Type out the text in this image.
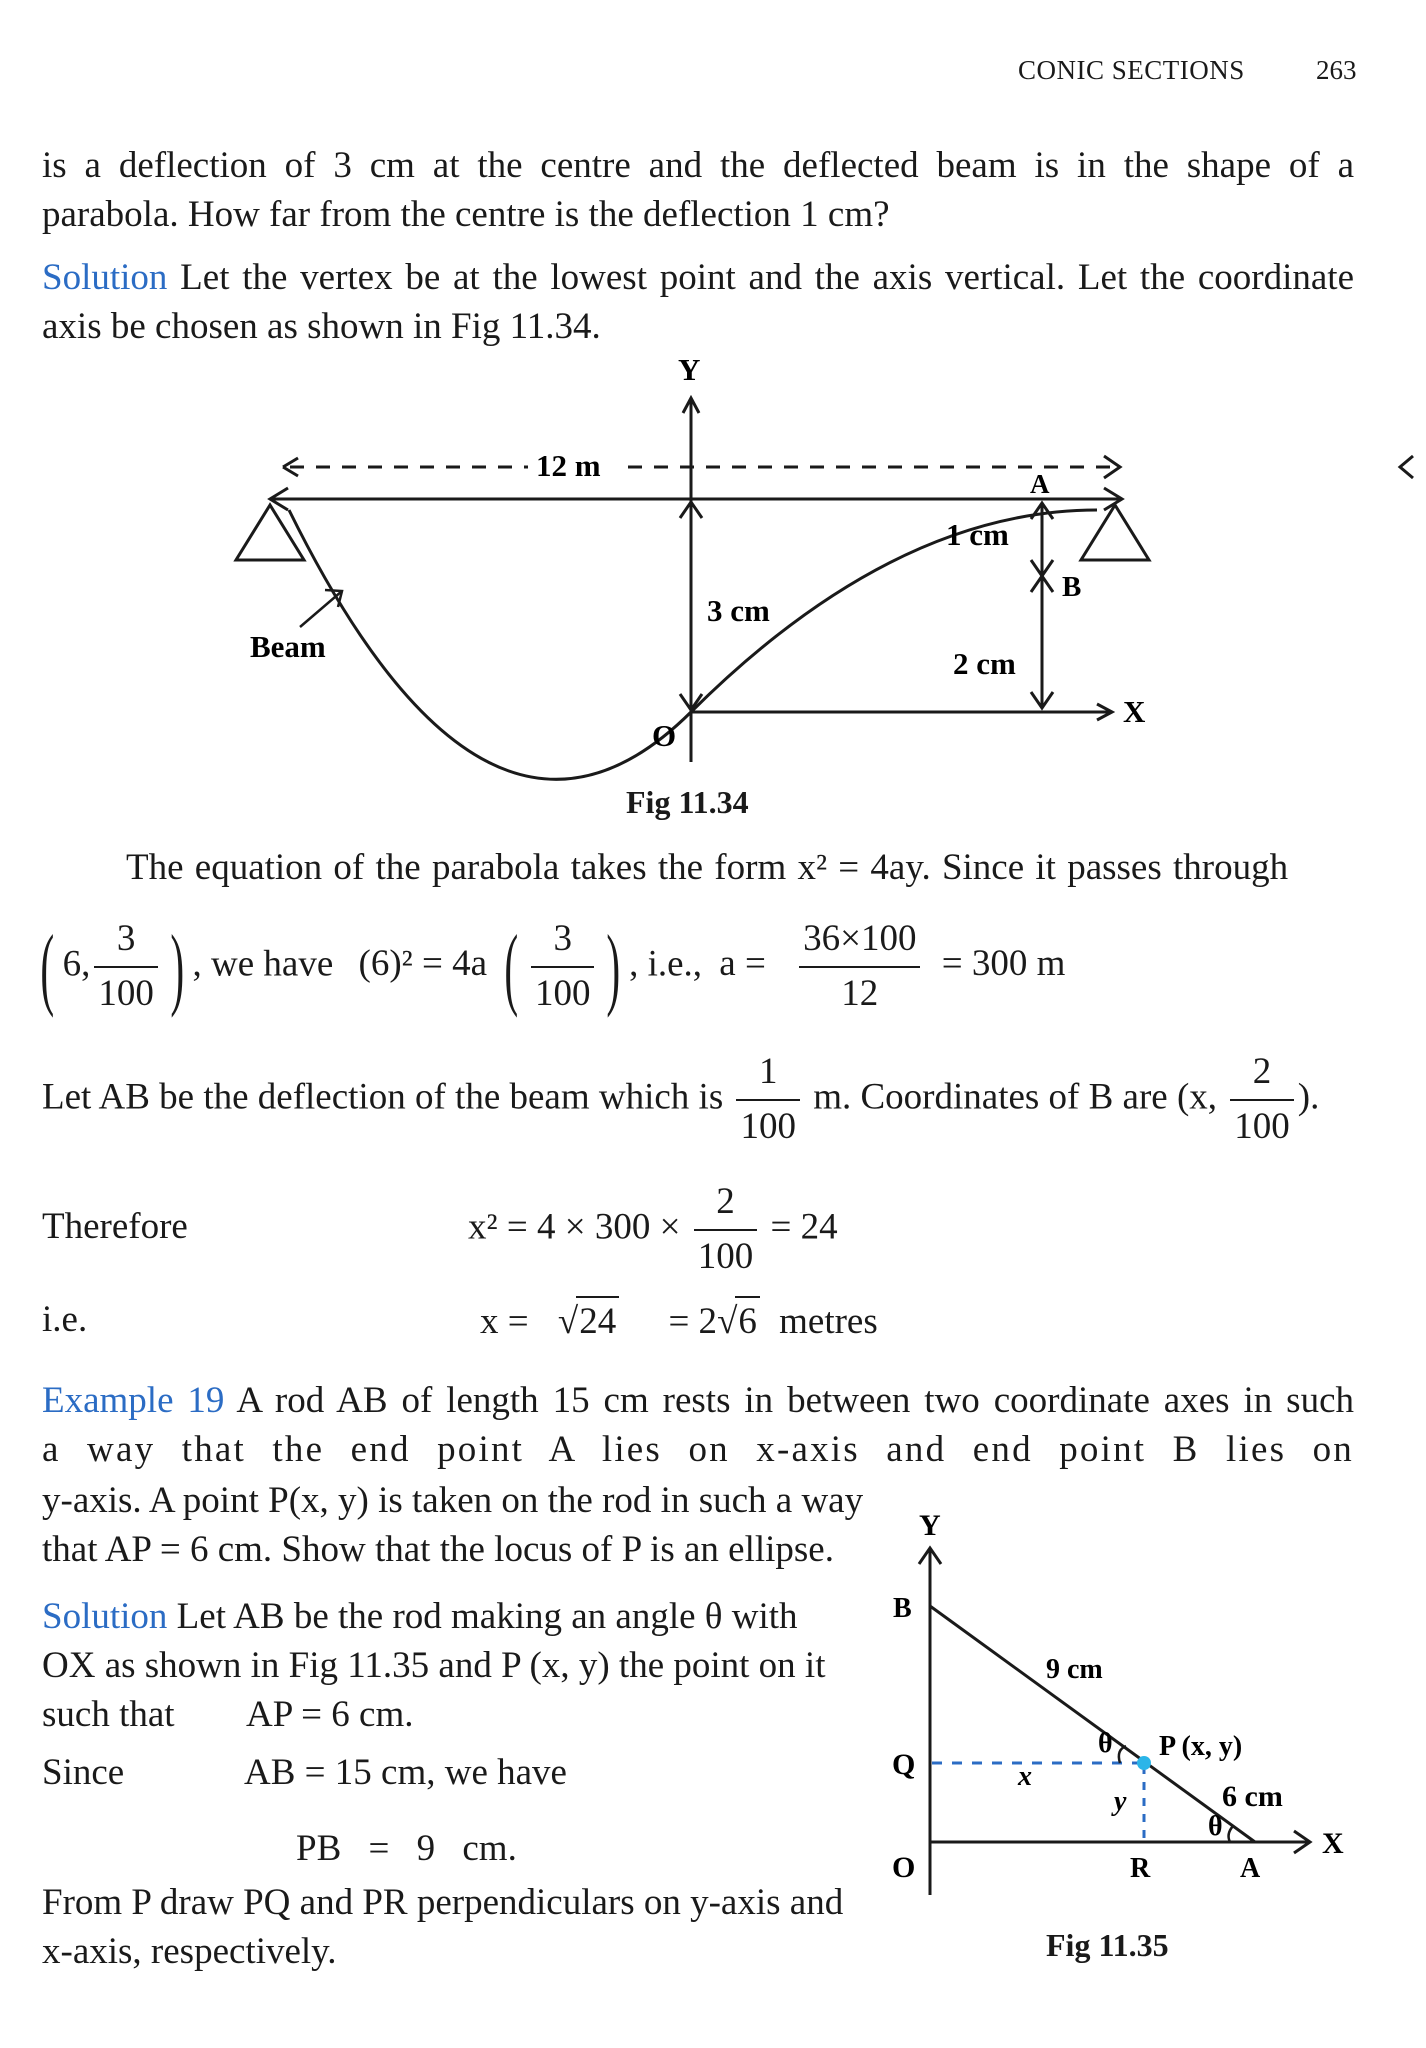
CONIC SECTIONS	263
is a deflection of 3 cm at the centre and the deflected beam is in the shape of a
parabola. How far from the centre is the deflection 1 cm?
Solution Let the vertex be at the lowest point and the axis vertical. Let the coordinate axis be chosen as shown in Fig 11.34.
Y
X
O
12 m
A
B
1 cm
2 cm
3 cm
Beam
Fig 11.34
The equation of the parabola takes the form x² = 4ay. Since it passes through
( 6, $\frac{3}{100}$ ) , we have (6)² = 4a ( $\frac{3}{100}$ ) , i.e., $a = \frac{36\times 100}{12} = 300$ m
Let AB be the deflection of the beam which is $\frac{1}{100} m$. Coordinates of B are (x, $\frac{2}{100}$ ).
Therefore	$x^2 = 4 \times 300 \times \frac{2}{100} = 24$
i.e.	x = √24 = 2√6 metres
Example 19 A rod AB of length 15 cm rests in between two coordinate axes in such
a way that the end point A lies on x-axis and end point B lies on
y-axis. A point P(x, y) is taken on the rod in such a way
that AP = 6 cm. Show that the locus of P is an ellipse.
Solution Let AB be the rod making an angle θ with
OX as shown in Fig 11.35 and P (x, y) the point on it
such that AP = 6 cm.
Since	AB = 15 cm, we have
PB = 9 cm.
From P draw PQ and PR perpendiculars on y-axis and
x-axis, respectively.
Y
X
O
B
Q
R	A
P (x, y)
9 cm
6 cm
θ
θ
x
y
Fig 11.35
